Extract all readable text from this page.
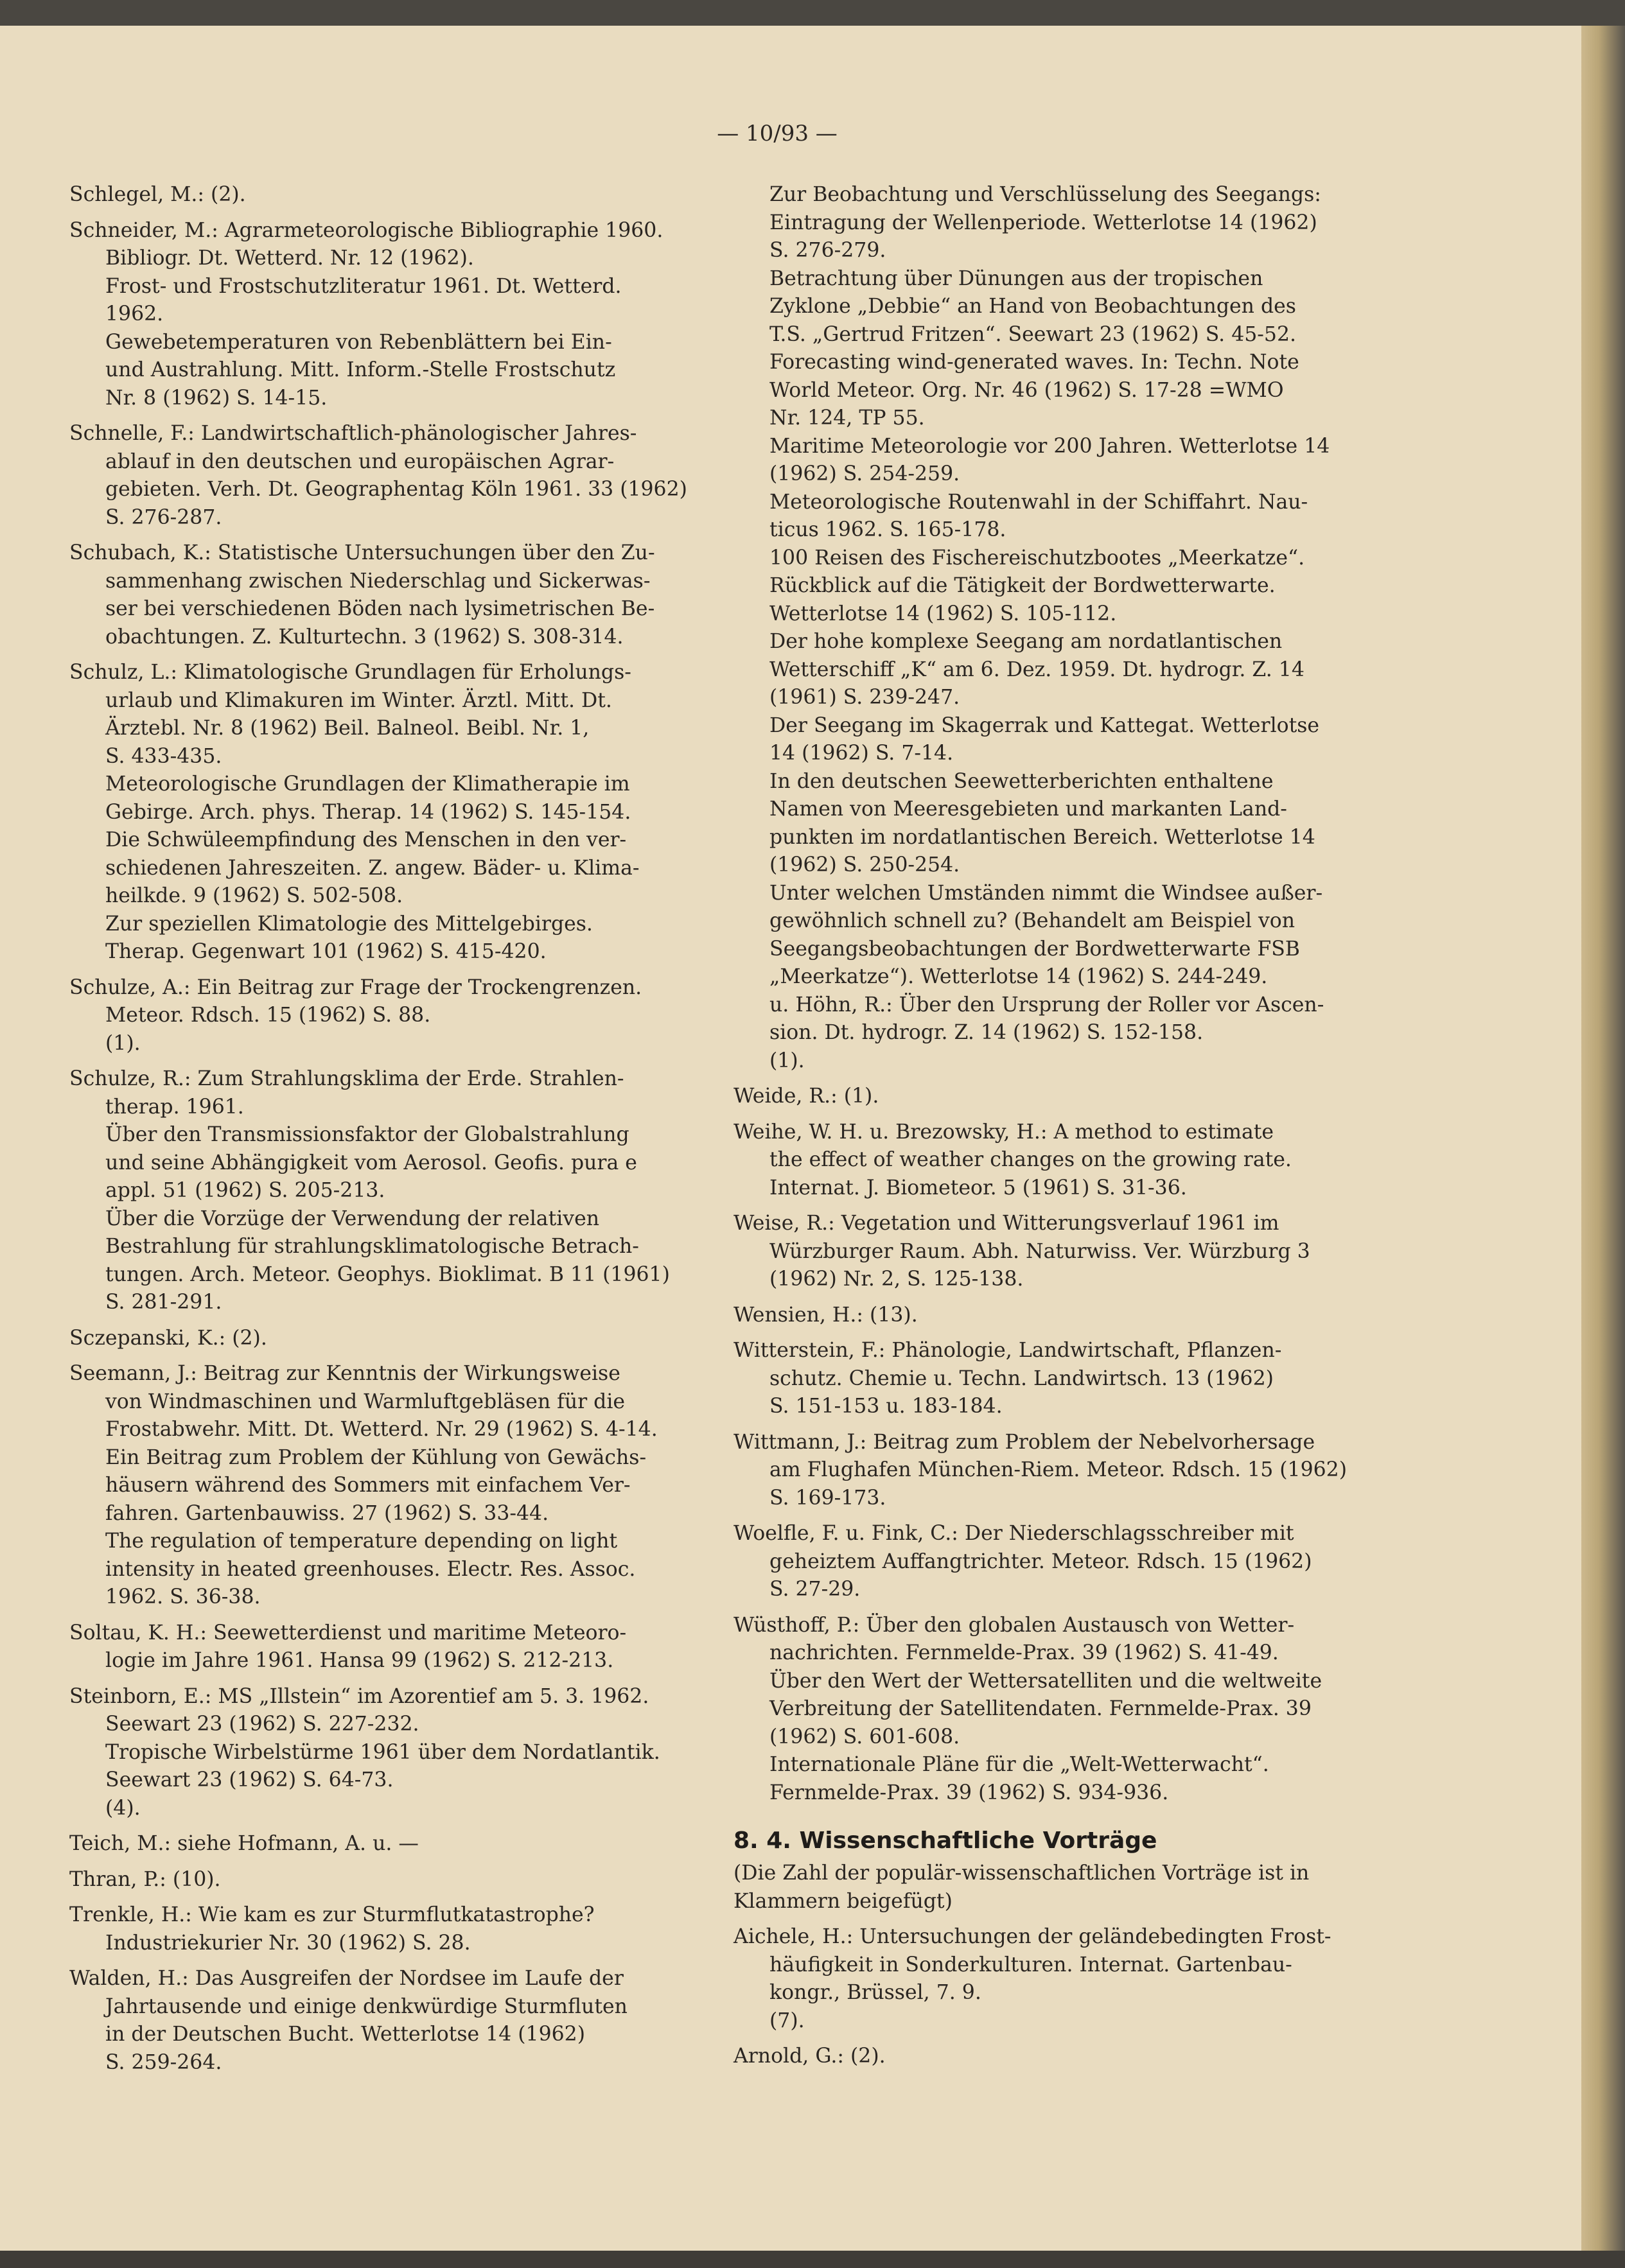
— 10/93 —
Schlegel, M.: (2).
Schneider, M.: Agrarmeteorologische Bibliographie 1960.
Bibliogr. Dt. Wetterd. Nr. 12 (1962).
Frost- und Frostschutzliteratur 1961. Dt. Wetterd.
1962.
Gewebetemperaturen von Rebenblättern bei Ein-
und Austrahlung. Mitt. Inform.-Stelle Frostschutz
Nr. 8 (1962) S. 14-15.
Schnelle, F.: Landwirtschaftlich-phänologischer Jahres-
ablauf in den deutschen und europäischen Agrar-
gebieten. Verh. Dt. Geographentag Köln 1961. 33 (1962)
S. 276-287.
Schubach, K.: Statistische Untersuchungen über den Zu-
sammenhang zwischen Niederschlag und Sickerwas-
ser bei verschiedenen Böden nach lysimetrischen Be-
obachtungen. Z. Kulturtechn. 3 (1962) S. 308-314.
Schulz, L.: Klimatologische Grundlagen für Erholungs-
urlaub und Klimakuren im Winter. Ärztl. Mitt. Dt.
Ärztebl. Nr. 8 (1962) Beil. Balneol. Beibl. Nr. 1,
S. 433-435.
Meteorologische Grundlagen der Klimatherapie im
Gebirge. Arch. phys. Therap. 14 (1962) S. 145-154.
Die Schwüleempfindung des Menschen in den ver-
schiedenen Jahreszeiten. Z. angew. Bäder- u. Klima-
heilkde. 9 (1962) S. 502-508.
Zur speziellen Klimatologie des Mittelgebirges.
Therap. Gegenwart 101 (1962) S. 415-420.
Schulze, A.: Ein Beitrag zur Frage der Trockengrenzen.
Meteor. Rdsch. 15 (1962) S. 88.
(1).
Schulze, R.: Zum Strahlungsklima der Erde. Strahlen-
therap. 1961.
Über den Transmissionsfaktor der Globalstrahlung
und seine Abhängigkeit vom Aerosol. Geofis. pura e
appl. 51 (1962) S. 205-213.
Über die Vorzüge der Verwendung der relativen
Bestrahlung für strahlungsklimatologische Betrach-
tungen. Arch. Meteor. Geophys. Bioklimat. B 11 (1961)
S. 281-291.
Sczepanski, K.: (2).
Seemann, J.: Beitrag zur Kenntnis der Wirkungsweise
von Windmaschinen und Warmluftgebläsen für die
Frostabwehr. Mitt. Dt. Wetterd. Nr. 29 (1962) S. 4-14.
Ein Beitrag zum Problem der Kühlung von Gewächs-
häusern während des Sommers mit einfachem Ver-
fahren. Gartenbauwiss. 27 (1962) S. 33-44.
The regulation of temperature depending on light
intensity in heated greenhouses. Electr. Res. Assoc.
1962. S. 36-38.
Soltau, K. H.: Seewetterdienst und maritime Meteoro-
logie im Jahre 1961. Hansa 99 (1962) S. 212-213.
Steinborn, E.: MS „Illstein“ im Azorentief am 5. 3. 1962.
Seewart 23 (1962) S. 227-232.
Tropische Wirbelstürme 1961 über dem Nordatlantik.
Seewart 23 (1962) S. 64-73.
(4).
Teich, M.: siehe Hofmann, A. u. —
Thran, P.: (10).
Trenkle, H.: Wie kam es zur Sturmflutkatastrophe?
Industriekurier Nr. 30 (1962) S. 28.
Walden, H.: Das Ausgreifen der Nordsee im Laufe der
Jahrtausende und einige denkwürdige Sturmfluten
in der Deutschen Bucht. Wetterlotse 14 (1962)
S. 259-264.
Zur Beobachtung und Verschlüsselung des Seegangs:
Eintragung der Wellenperiode. Wetterlotse 14 (1962)
S. 276-279.
Betrachtung über Dünungen aus der tropischen
Zyklone „Debbie“ an Hand von Beobachtungen des
T.S. „Gertrud Fritzen“. Seewart 23 (1962) S. 45-52.
Forecasting wind-generated waves. In: Techn. Note
World Meteor. Org. Nr. 46 (1962) S. 17-28 =WMO
Nr. 124, TP 55.
Maritime Meteorologie vor 200 Jahren. Wetterlotse 14
(1962) S. 254-259.
Meteorologische Routenwahl in der Schiffahrt. Nau-
ticus 1962. S. 165-178.
100 Reisen des Fischereischutzbootes „Meerkatze“.
Rückblick auf die Tätigkeit der Bordwetterwarte.
Wetterlotse 14 (1962) S. 105-112.
Der hohe komplexe Seegang am nordatlantischen
Wetterschiff „K“ am 6. Dez. 1959. Dt. hydrogr. Z. 14
(1961) S. 239-247.
Der Seegang im Skagerrak und Kattegat. Wetterlotse
14 (1962) S. 7-14.
In den deutschen Seewetterberichten enthaltene
Namen von Meeresgebieten und markanten Land-
punkten im nordatlantischen Bereich. Wetterlotse 14
(1962) S. 250-254.
Unter welchen Umständen nimmt die Windsee außer-
gewöhnlich schnell zu? (Behandelt am Beispiel von
Seegangsbeobachtungen der Bordwetterwarte FSB
„Meerkatze“). Wetterlotse 14 (1962) S. 244-249.
u. Höhn, R.: Über den Ursprung der Roller vor Ascen-
sion. Dt. hydrogr. Z. 14 (1962) S. 152-158.
(1).
Weide, R.: (1).
Weihe, W. H. u. Brezowsky, H.: A method to estimate
the effect of weather changes on the growing rate.
Internat. J. Biometeor. 5 (1961) S. 31-36.
Weise, R.: Vegetation und Witterungsverlauf 1961 im
Würzburger Raum. Abh. Naturwiss. Ver. Würzburg 3
(1962) Nr. 2, S. 125-138.
Wensien, H.: (13).
Witterstein, F.: Phänologie, Landwirtschaft, Pflanzen-
schutz. Chemie u. Techn. Landwirtsch. 13 (1962)
S. 151-153 u. 183-184.
Wittmann, J.: Beitrag zum Problem der Nebelvorhersage
am Flughafen München-Riem. Meteor. Rdsch. 15 (1962)
S. 169-173.
Woelfle, F. u. Fink, C.: Der Niederschlagsschreiber mit
geheiztem Auffangtrichter. Meteor. Rdsch. 15 (1962)
S. 27-29.
Wüsthoff, P.: Über den globalen Austausch von Wetter-
nachrichten. Fernmelde-Prax. 39 (1962) S. 41-49.
Über den Wert der Wettersatelliten und die weltweite
Verbreitung der Satellitendaten. Fernmelde-Prax. 39
(1962) S. 601-608.
Internationale Pläne für die „Welt-Wetterwacht“.
Fernmelde-Prax. 39 (1962) S. 934-936.
8. 4. Wissenschaftliche Vorträge
(Die Zahl der populär-wissenschaftlichen Vorträge ist in
Klammern beigefügt)
Aichele, H.: Untersuchungen der geländebedingten Frost-
häufigkeit in Sonderkulturen. Internat. Gartenbau-
kongr., Brüssel, 7. 9.
(7).
Arnold, G.: (2).
